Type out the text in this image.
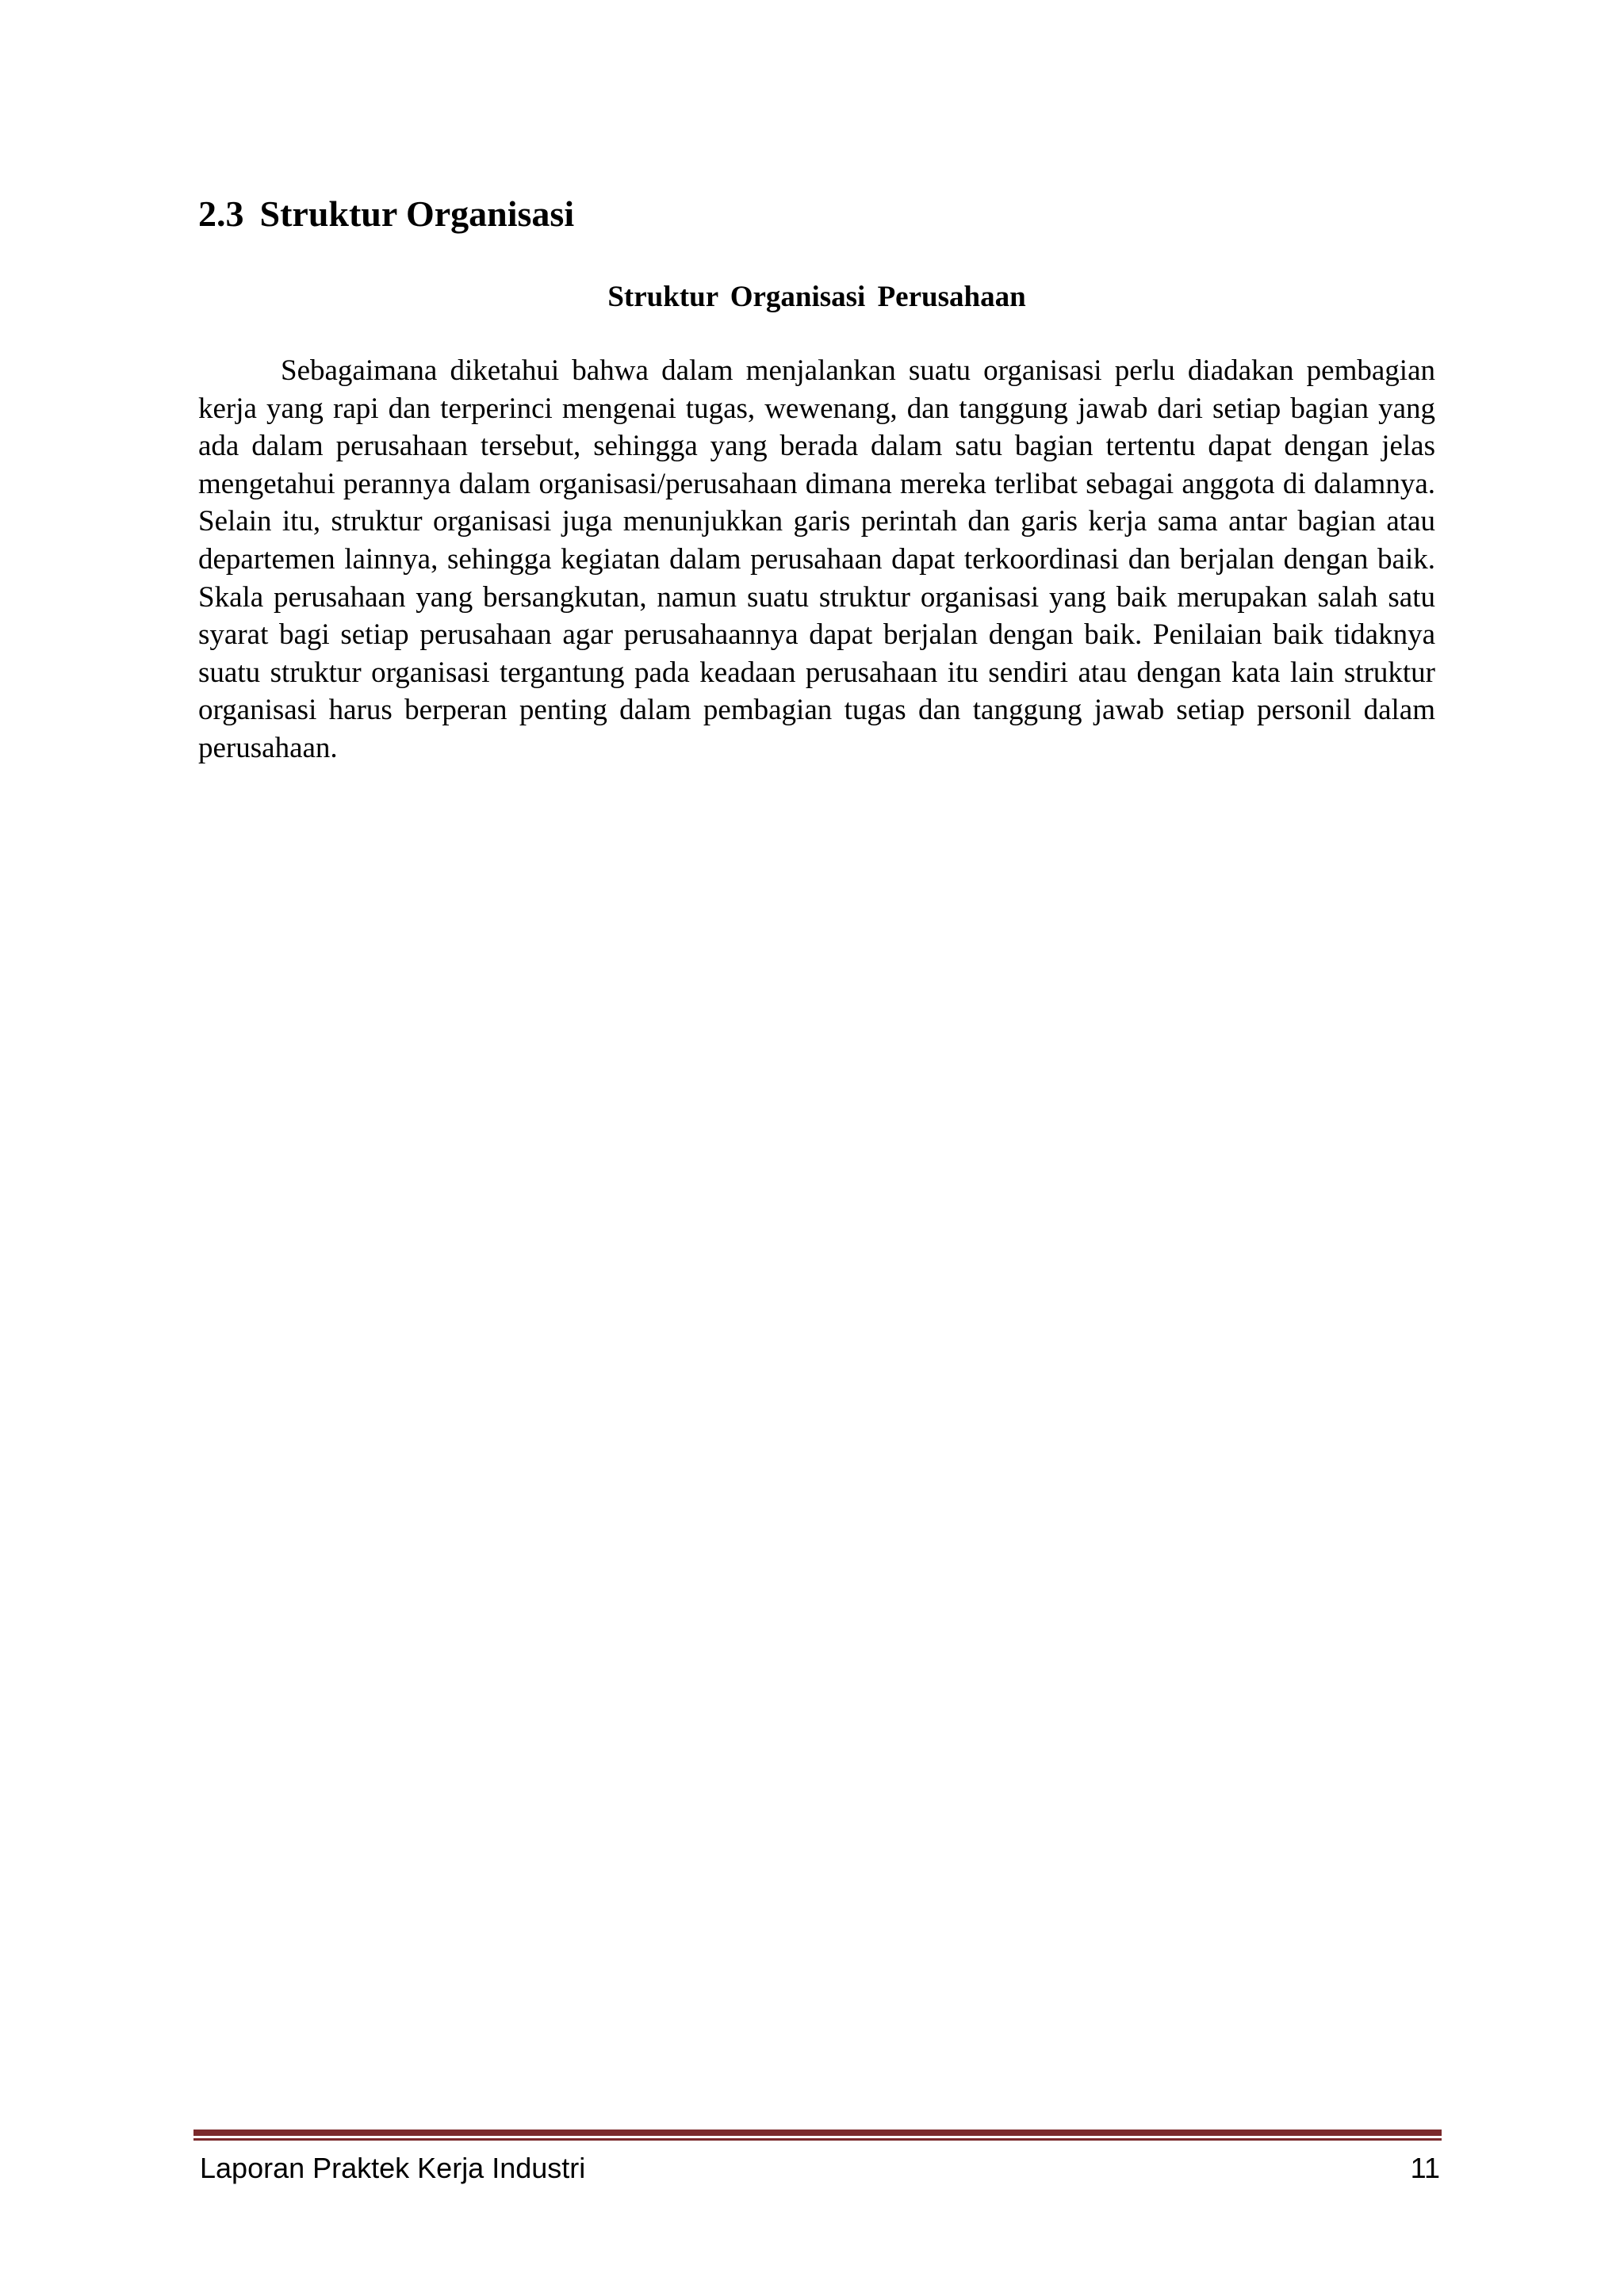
2.3 Struktur Organisasi
Struktur Organisasi Perusahaan

Sebagaimana diketahui bahwa dalam menjalankan suatu organisasi perlu diadakan pembagian kerja yang rapi dan terperinci mengenai tugas, wewenang, dan tanggung jawab dari setiap bagian yang ada dalam perusahaan tersebut, sehingga yang berada dalam satu bagian tertentu dapat dengan jelas mengetahui perannya dalam organisasi/perusahaan dimana mereka terlibat sebagai anggota di dalamnya. Selain itu, struktur organisasi juga menunjukkan garis perintah dan garis kerja sama antar bagian atau departemen lainnya, sehingga kegiatan dalam perusahaan dapat terkoordinasi dan berjalan dengan baik. Skala perusahaan yang bersangkutan, namun suatu struktur organisasi yang baik merupakan salah satu syarat bagi setiap perusahaan agar perusahaannya dapat berjalan dengan baik. Penilaian baik tidaknya suatu struktur organisasi tergantung pada keadaan perusahaan itu sendiri atau dengan kata lain struktur organisasi harus berperan penting dalam pembagian tugas dan tanggung jawab setiap personil dalam perusahaan.

Laporan Praktek Kerja Industri	11
